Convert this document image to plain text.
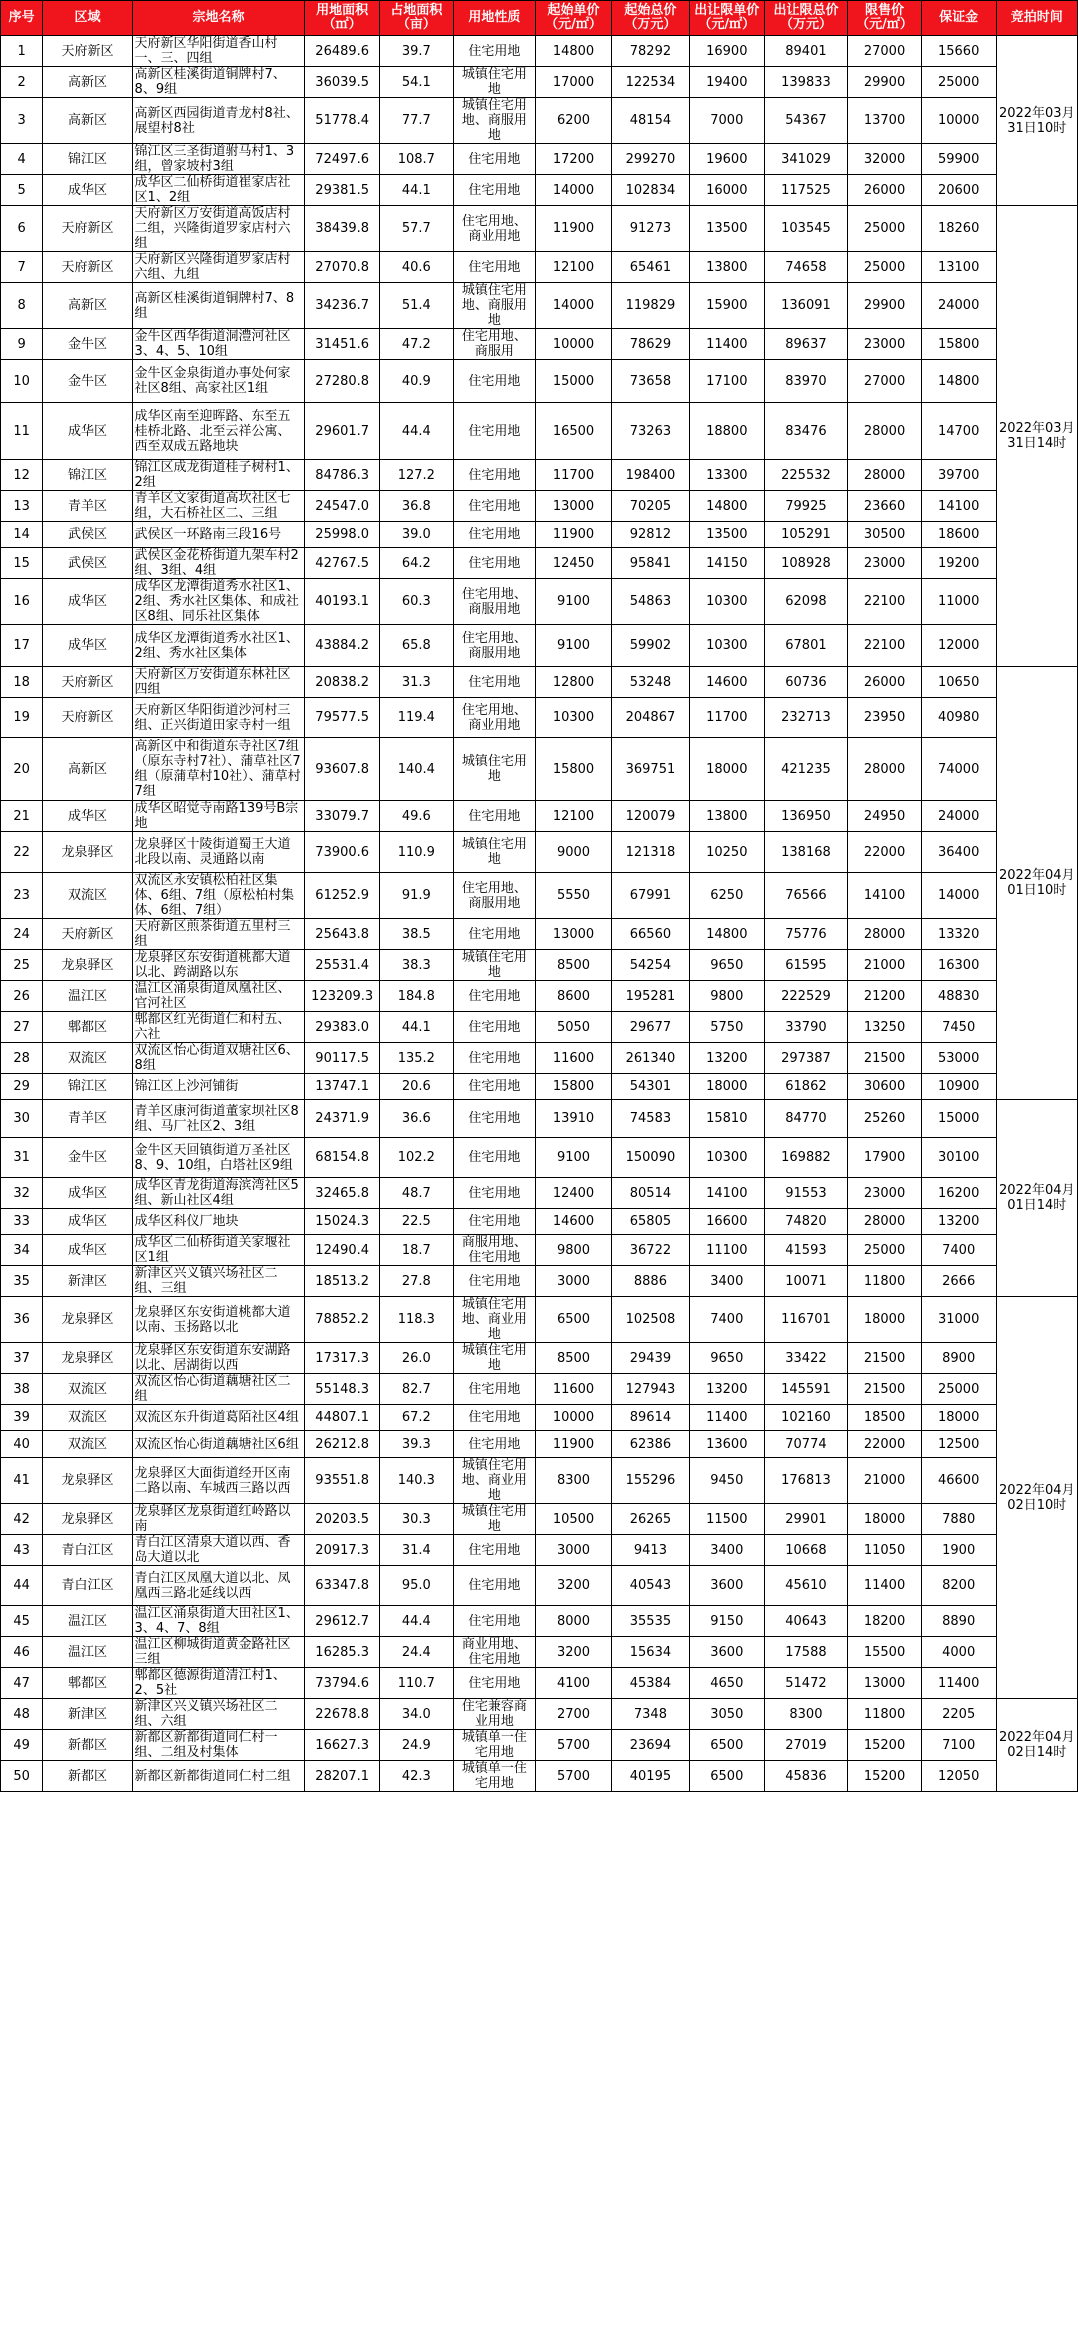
序号	区域	宗地名称	用地面积（㎡）	占地面积（亩）	用地性质	起始单价（元/㎡）	起始总价（万元）	出让限单价（元/㎡）	出让限总价（万元）	限售价（元/㎡）	保证金	竞拍时间
1	天府新区	天府新区华阳街道香山村一、三、四组	26489.6	39.7	住宅用地	14800	78292	16900	89401	27000	15660	2022年03月31日10时
2	高新区	高新区桂溪街道铜牌村7、8、9组	36039.5	54.1	城镇住宅用地	17000	122534	19400	139833	29900	25000	
3	高新区	高新区西园街道青龙村8社、展望村8社	51778.4	77.7	城镇住宅用地、商服用地	6200	48154	7000	54367	13700	10000	
4	锦江区	锦江区三圣街道驸马村1、3组，曾家坡村3组	72497.6	108.7	住宅用地	17200	299270	19600	341029	32000	59900	
5	成华区	成华区二仙桥街道崔家店社区1、2组	29381.5	44.1	住宅用地	14000	102834	16000	117525	26000	20600	
6	天府新区	天府新区万安街道高饭店村二组，兴隆街道罗家店村六组	38439.8	57.7	住宅用地、商业用地	11900	91273	13500	103545	25000	18260	2022年03月31日14时
7	天府新区	天府新区兴隆街道罗家店村六组、九组	27070.8	40.6	住宅用地	12100	65461	13800	74658	25000	13100	
8	高新区	高新区桂溪街道铜牌村7、8组	34236.7	51.4	城镇住宅用地、商服用地	14000	119829	15900	136091	29900	24000	
9	金牛区	金牛区西华街道洞澧河社区3、4、5、10组	31451.6	47.2	住宅用地、商服用	10000	78629	11400	89637	23000	15800	
10	金牛区	金牛区金泉街道办事处何家社区8组、高家社区1组	27280.8	40.9	住宅用地	15000	73658	17100	83970	27000	14800	
11	成华区	成华区南至迎晖路、东至五桂桥北路、北至云祥公寓、西至双成五路地块	29601.7	44.4	住宅用地	16500	73263	18800	83476	28000	14700	
12	锦江区	锦江区成龙街道桂子树村1、2组	84786.3	127.2	住宅用地	11700	198400	13300	225532	28000	39700	
13	青羊区	青羊区文家街道高坎社区七组，大石桥社区二、三组	24547.0	36.8	住宅用地	13000	70205	14800	79925	23660	14100	
14	武侯区	武侯区一环路南三段16号	25998.0	39.0	住宅用地	11900	92812	13500	105291	30500	18600	
15	武侯区	武侯区金花桥街道九架车村2组、3组、4组	42767.5	64.2	住宅用地	12450	95841	14150	108928	23000	19200	
16	成华区	成华区龙潭街道秀水社区1、2组、秀水社区集体、和成社区8组、同乐社区集体	40193.1	60.3	住宅用地、商服用地	9100	54863	10300	62098	22100	11000	
17	成华区	成华区龙潭街道秀水社区1、2组、秀水社区集体	43884.2	65.8	住宅用地、商服用地	9100	59902	10300	67801	22100	12000	
18	天府新区	天府新区万安街道东林社区四组	20838.2	31.3	住宅用地	12800	53248	14600	60736	26000	10650	2022年04月01日10时
19	天府新区	天府新区华阳街道沙河村三组、正兴街道田家寺村一组	79577.5	119.4	住宅用地、商业用地	10300	204867	11700	232713	23950	40980	
20	高新区	高新区中和街道东寺社区7组（原东寺村7社）、蒲草社区7组（原蒲草村10社）、蒲草村7组	93607.8	140.4	城镇住宅用地	15800	369751	18000	421235	28000	74000	
21	成华区	成华区昭觉寺南路139号B宗地	33079.7	49.6	住宅用地	12100	120079	13800	136950	24950	24000	
22	龙泉驿区	龙泉驿区十陵街道蜀王大道北段以南、灵通路以南	73900.6	110.9	城镇住宅用地	9000	121318	10250	138168	22000	36400	
23	双流区	双流区永安镇松柏社区集体、6组、7组（原松柏村集体、6组、7组）	61252.9	91.9	住宅用地、商服用地	5550	67991	6250	76566	14100	14000	
24	天府新区	天府新区煎茶街道五里村三组	25643.8	38.5	住宅用地	13000	66560	14800	75776	28000	13320	
25	龙泉驿区	龙泉驿区东安街道桃都大道以北、跨湖路以东	25531.4	38.3	城镇住宅用地	8500	54254	9650	61595	21000	16300	
26	温江区	温江区涌泉街道凤凰社区、官河社区	123209.3	184.8	住宅用地	8600	195281	9800	222529	21200	48830	
27	郫都区	郫都区红光街道仁和村五、六社	29383.0	44.1	住宅用地	5050	29677	5750	33790	13250	7450	
28	双流区	双流区怡心街道双塘社区6、8组	90117.5	135.2	住宅用地	11600	261340	13200	297387	21500	53000	
29	锦江区	锦江区上沙河铺街	13747.1	20.6	住宅用地	15800	54301	18000	61862	30600	10900	
30	青羊区	青羊区康河街道董家坝社区8组、马厂社区2、3组	24371.9	36.6	住宅用地	13910	74583	15810	84770	25260	15000	2022年04月01日14时
31	金牛区	金牛区天回镇街道万圣社区8、9、10组，白塔社区9组	68154.8	102.2	住宅用地	9100	150090	10300	169882	17900	30100	
32	成华区	成华区青龙街道海滨湾社区5组、新山社区4组	32465.8	48.7	住宅用地	12400	80514	14100	91553	23000	16200	
33	成华区	成华区科仪厂地块	15024.3	22.5	住宅用地	14600	65805	16600	74820	28000	13200	
34	成华区	成华区二仙桥街道关家堰社区1组	12490.4	18.7	商服用地、住宅用地	9800	36722	11100	41593	25000	7400	
35	新津区	新津区兴义镇兴场社区二组、三组	18513.2	27.8	住宅用地	3000	8886	3400	10071	11800	2666	
36	龙泉驿区	龙泉驿区东安街道桃都大道以南、玉扬路以北	78852.2	118.3	城镇住宅用地、商业用地	6500	102508	7400	116701	18000	31000	2022年04月02日10时
37	龙泉驿区	龙泉驿区东安街道东安湖路以北、居湖街以西	17317.3	26.0	城镇住宅用地	8500	29439	9650	33422	21500	8900	
38	双流区	双流区怡心街道藕塘社区二组	55148.3	82.7	住宅用地	11600	127943	13200	145591	21500	25000	
39	双流区	双流区东升街道葛陌社区4组	44807.1	67.2	住宅用地	10000	89614	11400	102160	18500	18000	
40	双流区	双流区怡心街道藕塘社区6组	26212.8	39.3	住宅用地	11900	62386	13600	70774	22000	12500	
41	龙泉驿区	龙泉驿区大面街道经开区南二路以南、车城西三路以西	93551.8	140.3	城镇住宅用地、商业用地	8300	155296	9450	176813	21000	46600	
42	龙泉驿区	龙泉驿区龙泉街道红岭路以南	20203.5	30.3	城镇住宅用地	10500	26265	11500	29901	18000	7880	
43	青白江区	青白江区清泉大道以西、香岛大道以北	20917.3	31.4	住宅用地	3000	9413	3400	10668	11050	1900	
44	青白江区	青白江区凤凰大道以北、凤凰西三路北延线以西	63347.8	95.0	住宅用地	3200	40543	3600	45610	11400	8200	
45	温江区	温江区涌泉街道大田社区1、3、4、7、8组	29612.7	44.4	住宅用地	8000	35535	9150	40643	18200	8890	
46	温江区	温江区柳城街道黄金路社区三组	16285.3	24.4	商业用地、住宅用地	3200	15634	3600	17588	15500	4000	
47	郫都区	郫都区德源街道清江村1、2、5社	73794.6	110.7	住宅用地	4100	45384	4650	51472	13000	11400	
48	新津区	新津区兴义镇兴场社区二组、六组	22678.8	34.0	住宅兼容商业用地	2700	7348	3050	8300	11800	2205	2022年04月02日14时
49	新都区	新都区新都街道同仁村一组、二组及村集体	16627.3	24.9	城镇单一住宅用地	5700	23694	6500	27019	15200	7100	
50	新都区	新都区新都街道同仁村二组	28207.1	42.3	城镇单一住宅用地	5700	40195	6500	45836	15200	12050	
